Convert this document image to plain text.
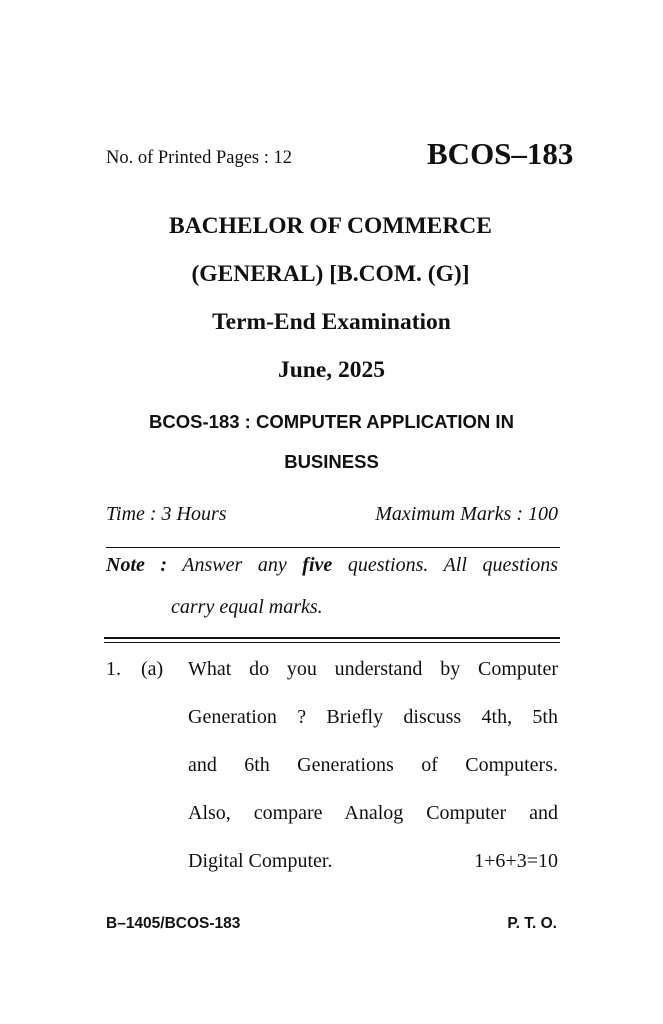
No. of Printed Pages : 12	BCOS–183
BACHELOR OF COMMERCE
(GENERAL) [B.COM. (G)]
Term-End Examination
June, 2025
BCOS-183 : COMPUTER APPLICATION IN
BUSINESS
Time : 3 Hours	Maximum Marks : 100
Note : Answer any five questions. All questions
carry equal marks.
1. (a) What do you understand by Computer
Generation ? Briefly discuss 4th, 5th
and 6th Generations of Computers.
Also, compare Analog Computer and
Digital Computer.	1+6+3=10
B–1405/BCOS-183	P. T. O.
